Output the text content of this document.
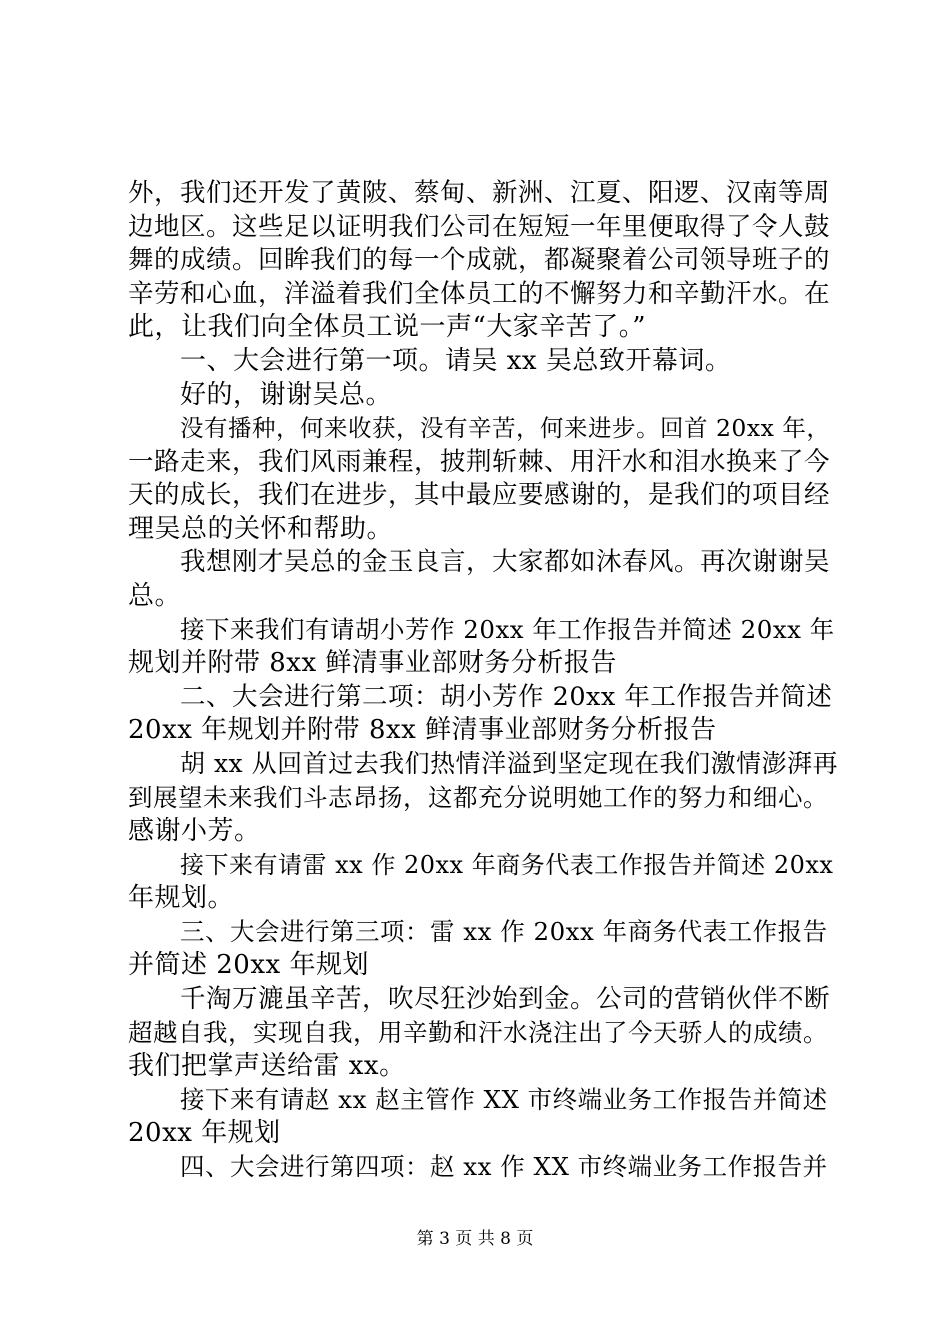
外，我们还开发了黄陂、蔡甸、新洲、江夏、阳逻、汉南等周
边地区。这些足以证明我们公司在短短一年里便取得了令人鼓
舞的成绩。回眸我们的每一个成就，都凝聚着公司领导班子的
辛劳和心血，洋溢着我们全体员工的不懈努力和辛勤汗水。在
此，让我们向全体员工说一声“大家辛苦了。”
一、大会进行第一项。请吴 xx 吴总致开幕词。
好的，谢谢吴总。
没有播种，何来收获，没有辛苦，何来进步。回首 20xx 年，
一路走来，我们风雨兼程，披荆斩棘、用汗水和泪水换来了今
天的成长，我们在进步，其中最应要感谢的，是我们的项目经
理吴总的关怀和帮助。
我想刚才吴总的金玉良言，大家都如沐春风。再次谢谢吴
总。
接下来我们有请胡小芳作 20xx 年工作报告并简述 20xx 年
规划并附带 8xx 鲜清事业部财务分析报告
二、大会进行第二项：胡小芳作 20xx 年工作报告并简述
20xx 年规划并附带 8xx 鲜清事业部财务分析报告
胡 xx 从回首过去我们热情洋溢到坚定现在我们激情澎湃再
到展望未来我们斗志昂扬，这都充分说明她工作的努力和细心。
感谢小芳。
接下来有请雷 xx 作 20xx 年商务代表工作报告并简述 20xx
年规划。
三、大会进行第三项：雷 xx 作 20xx 年商务代表工作报告
并简述 20xx 年规划
千淘万漉虽辛苦，吹尽狂沙始到金。公司的营销伙伴不断
超越自我，实现自我，用辛勤和汗水浇注出了今天骄人的成绩。
我们把掌声送给雷 xx。
接下来有请赵 xx 赵主管作 XX 市终端业务工作报告并简述
20xx 年规划
四、大会进行第四项：赵 xx 作 XX 市终端业务工作报告并
第 3 页 共 8 页
